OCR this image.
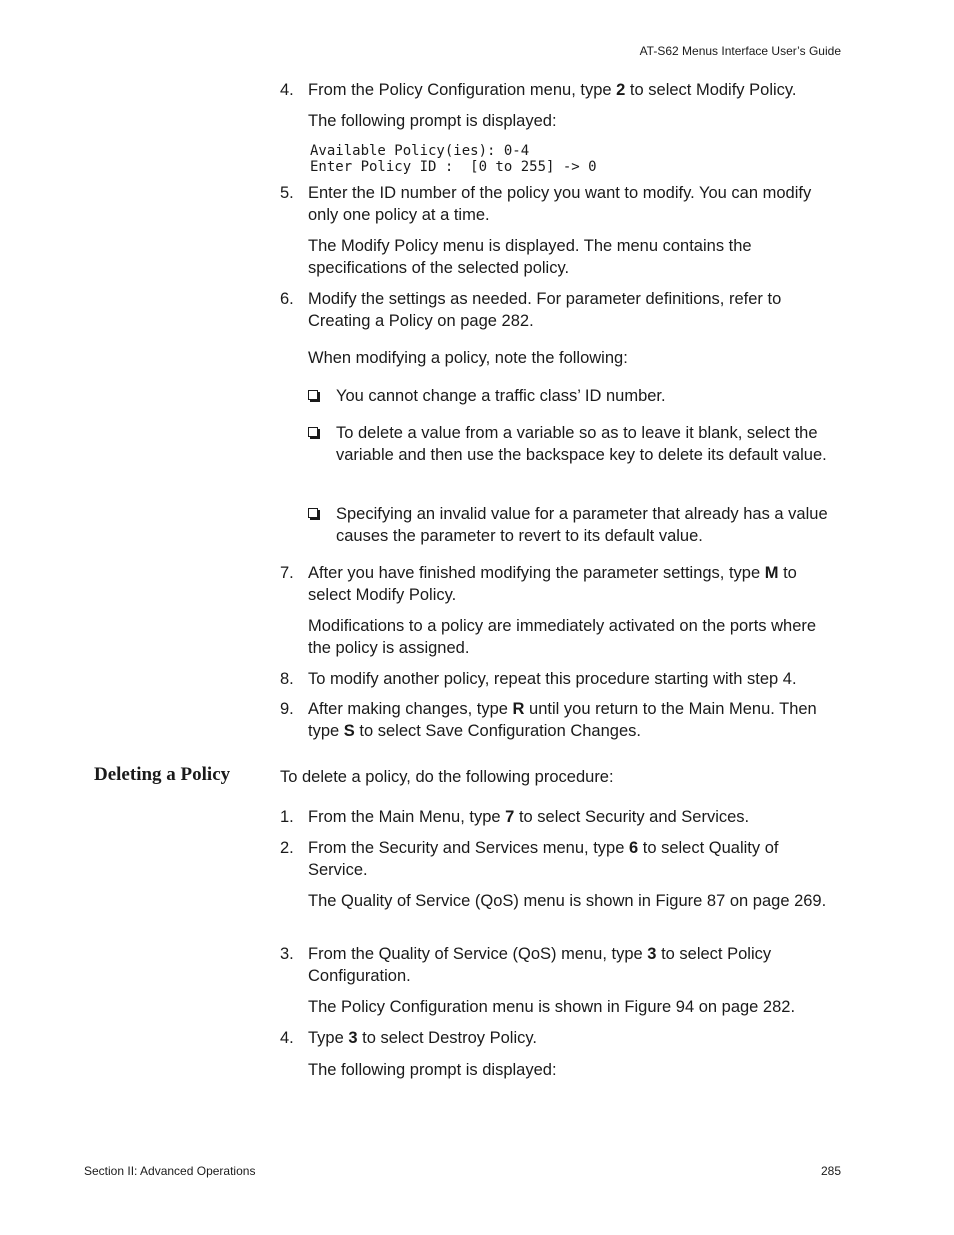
AT-S62 Menus Interface User’s Guide
4. From the Policy Configuration menu, type 2 to select Modify Policy.
The following prompt is displayed:
Available Policy(ies): 0-4
Enter Policy ID :  [0 to 255] -> 0
5. Enter the ID number of the policy you want to modify. You can modify only one policy at a time.
The Modify Policy menu is displayed. The menu contains the specifications of the selected policy.
6. Modify the settings as needed. For parameter definitions, refer to Creating a Policy on page 282.
When modifying a policy, note the following:
You cannot change a traffic class’ ID number.
To delete a value from a variable so as to leave it blank, select the variable and then use the backspace key to delete its default value.
Specifying an invalid value for a parameter that already has a value causes the parameter to revert to its default value.
7. After you have finished modifying the parameter settings, type M to select Modify Policy.
Modifications to a policy are immediately activated on the ports where the policy is assigned.
8. To modify another policy, repeat this procedure starting with step 4.
9. After making changes, type R until you return to the Main Menu. Then type S to select Save Configuration Changes.
Deleting a Policy	To delete a policy, do the following procedure:
1. From the Main Menu, type 7 to select Security and Services.
2. From the Security and Services menu, type 6 to select Quality of Service.
The Quality of Service (QoS) menu is shown in Figure 87 on page 269.
3. From the Quality of Service (QoS) menu, type 3 to select Policy Configuration.
The Policy Configuration menu is shown in Figure 94 on page 282.
4. Type 3 to select Destroy Policy.
The following prompt is displayed:
Section II: Advanced Operations	285
